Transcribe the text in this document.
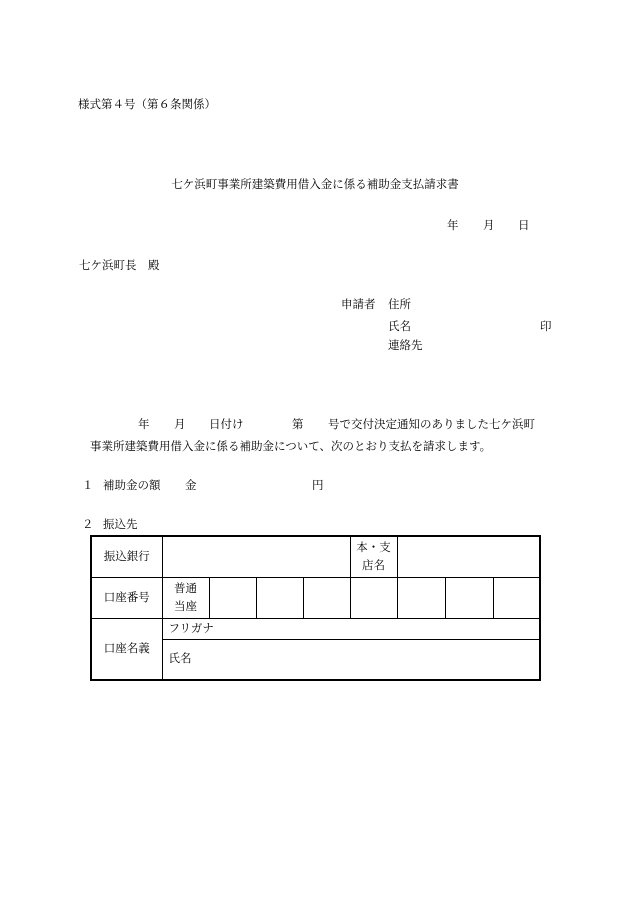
様式第４号（第６条関係）
七ケ浜町事業所建築費用借入金に係る補助金支払請求書
年 月 日
七ケ浜町長　殿
申請者 住所
氏名	印
連絡先
年 月 日付け	第 号で交付決定通知のありました七ケ浜町
事業所建築費用借入金に係る補助金について、次のとおり支払を請求します。
１ 補助金の額 金	円
２ 振込先
振込銀行					本・支
店名			
口座番号	普通
当座							
口座名義	フリガナ							
	氏名							
